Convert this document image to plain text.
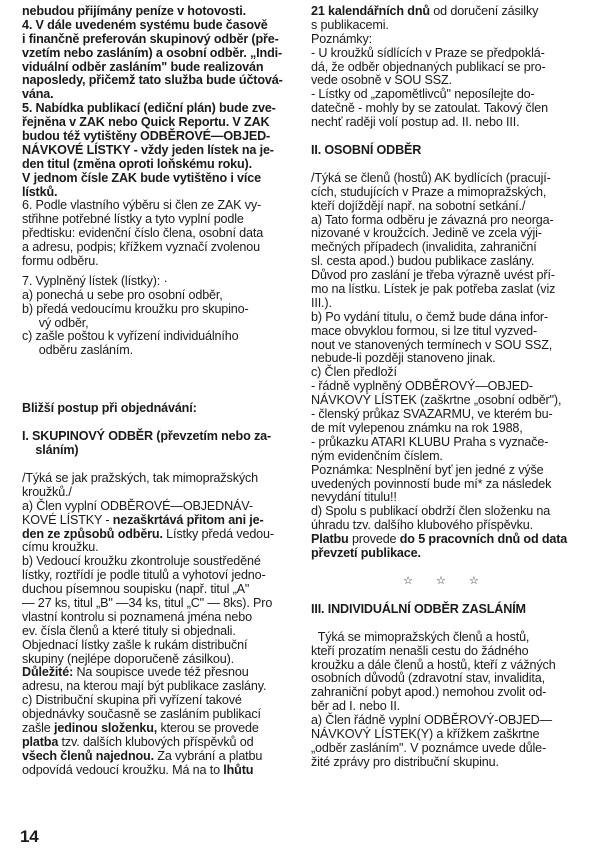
nebudou přijímány peníze v hotovosti.
4. V dále uvedeném systému bude časově
i finančně preferován skupinový odběr (pře-
vzetím nebo zasláním) a osobní odběr. „Indi-
viduální odběr zasláním" bude realizován
naposledy, přičemž tato služba bude účtová-
vána.
5. Nabídka publikací (ediční plán) bude zve-
řejněna v ZAK nebo Quick Reportu. V ZAK
budou též vytištěny ODBĚROVÉ—OBJED-
NÁVKOVÉ LÍSTKY - vždy jeden lístek na je-
den titul (změna oproti loňskému roku).
V jednom čísle ZAK bude vytištěno i více
lístků.
6. Podle vlastního výběru si člen ze ZAK vy-
střihne potřebné lístky a tyto vyplní podle
předtisku: evidenční číslo člena, osobní data
a adresu, podpis; křížkem vyznačí zvolenou
formu odběru.
7. Vyplněný lístek (lístky): ·
a) ponechá u sebe pro osobní odběr,
b) předá vedoucímu kroužku pro skupino-
vý odběr,
c) zašle poštou k vyřízení individuálního
odběru zasláním.
Bližší postup při objednávání:
I. SKUPINOVÝ ODBĚR (převzetím nebo za-
sláním)
/Týká se jak pražských, tak mimopražských
kroužků./
a) Člen vyplní ODBĚROVÉ—OBJEDNÁV-
KOVÉ LÍSTKY - nezaškrtává přitom ani je-
den ze způsobů odběru. Lístky předá vedou-
címu kroužku.
b) Vedoucí kroužku zkontroluje soustředěné
lístky, roztřídí je podle titulů a vyhotoví jedno-
duchou písemnou soupisku (např. titul „A"
— 27 ks, titul „B" —34 ks, titul „C" — 8ks). Pro
vlastní kontrolu si poznamená jména nebo
ev. čísla členů a které tituly si objednali.
Objednací lístky zašle k rukám distribuční
skupiny (nejlépe doporučeně zásilkou).
Důležité: Na soupisce uvede též přesnou
adresu, na kterou mají být publikace zaslány.
c) Distribuční skupina při vyřízení takové
objednávky současně se zasláním publikací
zašle jedinou složenku, kterou se provede
platba tzv. dalších klubových příspěvků od
všech členů najednou. Za vybrání a platbu
odpovídá vedoucí kroužku. Má na to lhůtu
21 kalendářních dnů od doručení zásilky
s publikacemi.
Poznámky:
- U kroužků sídlících v Praze se předpoklá-
dá, že odběr objednaných publikací se pro-
vede osobně v SOU SSZ.
- Lístky od „zapomětlivců" neposílejte do-
datečně - mohly by se zatoulat. Takový člen
nechť raději volí postup ad. II. nebo III.
II. OSOBNÍ ODBĚR
/Týká se členů (hostů) AK bydlících (pracují-
cích, studujících v Praze a mimopražských,
kteří dojíždějí např. na sobotní setkání./
a) Tato forma odběru je závazná pro neorga-
nizované v kroužcích. Jedině ve zcela výji-
mečných případech (invalidita, zahraniční
sl. cesta apod.) budou publikace zaslány.
Důvod pro zaslání je třeba výrazně uvést pří-
mo na lístku. Lístek je pak potřeba zaslat (viz
III.).
b) Po vydání titulu, o čemž bude dána infor-
mace obvyklou formou, si lze titul vyzved-
nout ve stanovených termínech v SOU SSZ,
nebude-li později stanoveno jinak.
c) Člen předloží
- řádně vyplněný ODBĚROVÝ—OBJED-
NÁVKOVÝ LÍSTEK (zaškrtne „osobní odběr"),
- členský průkaz SVAZARMU, ve kterém bu-
de mít vylepenou známku na rok 1988,
- průkazku ATARI KLUBU Praha s vyznače-
ným evidenčním číslem.
Poznámka: Nesplnění byť jen jedné z výše
uvedených povinností bude mí* za následek
nevydání titulu!!
d) Spolu s publikací obdrží člen složenku na
úhradu tzv. dalšího klubového příspěvku.
Platbu provede do 5 pracovních dnů od data
převzetí publikace.
☆ ☆ ☆
III. INDIVIDUÁLNÍ ODBĚR ZASLÁNÍM
Týká se mimopražských členů a hostů,
kteří prozatím nenašli cestu do žádného
kroužku a dále členů a hostů, kteří z vážných
osobních důvodů (zdravotní stav, invalidita,
zahraniční pobyt apod.) nemohou zvolit od-
běr ad I. nebo II.
a) Člen řádně vyplní ODBĚROVÝ-OBJED—
NÁVKOVÝ LÍSTEK(Y) a křížkem zaškrtne
„odběr zasláním". V poznámce uvede důle-
žité zprávy pro distribuční skupinu.
14
